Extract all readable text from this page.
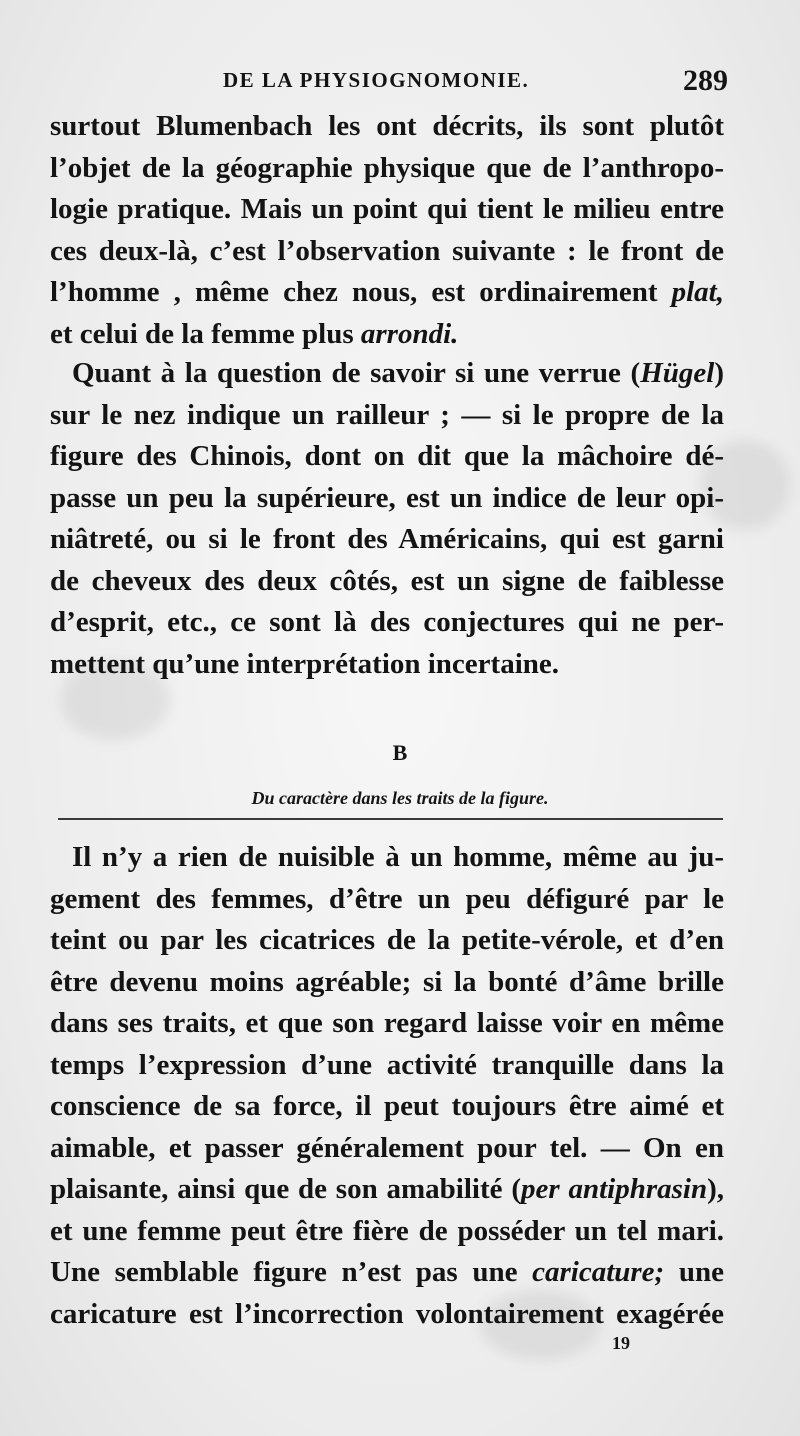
DE LA PHYSIOGNOMONIE.	289
surtout Blumenbach les ont décrits, ils sont plutôt
l’objet de la géographie physique que de l’anthropo-
logie pratique. Mais un point qui tient le milieu entre
ces deux-là, c’est l’observation suivante : le front de
l’homme , même chez nous, est ordinairement plat,
et celui de la femme plus arrondi.
Quant à la question de savoir si une verrue (Hügel)
sur le nez indique un railleur ; — si le propre de la
figure des Chinois, dont on dit que la mâchoire dé-
passe un peu la supérieure, est un indice de leur opi-
niâtreté, ou si le front des Américains, qui est garni
de cheveux des deux côtés, est un signe de faiblesse
d’esprit, etc., ce sont là des conjectures qui ne per-
mettent qu’une interprétation incertaine.
B
Du caractère dans les traits de la figure.
Il n’y a rien de nuisible à un homme, même au ju-
gement des femmes, d’être un peu défiguré par le
teint ou par les cicatrices de la petite-vérole, et d’en
être devenu moins agréable; si la bonté d’âme brille
dans ses traits, et que son regard laisse voir en même
temps l’expression d’une activité tranquille dans la
conscience de sa force, il peut toujours être aimé et
aimable, et passer généralement pour tel. — On en
plaisante, ainsi que de son amabilité (per antiphrasin),
et une femme peut être fière de posséder un tel mari.
Une semblable figure n’est pas une caricature; une
caricature est l’incorrection volontairement exagérée
19
